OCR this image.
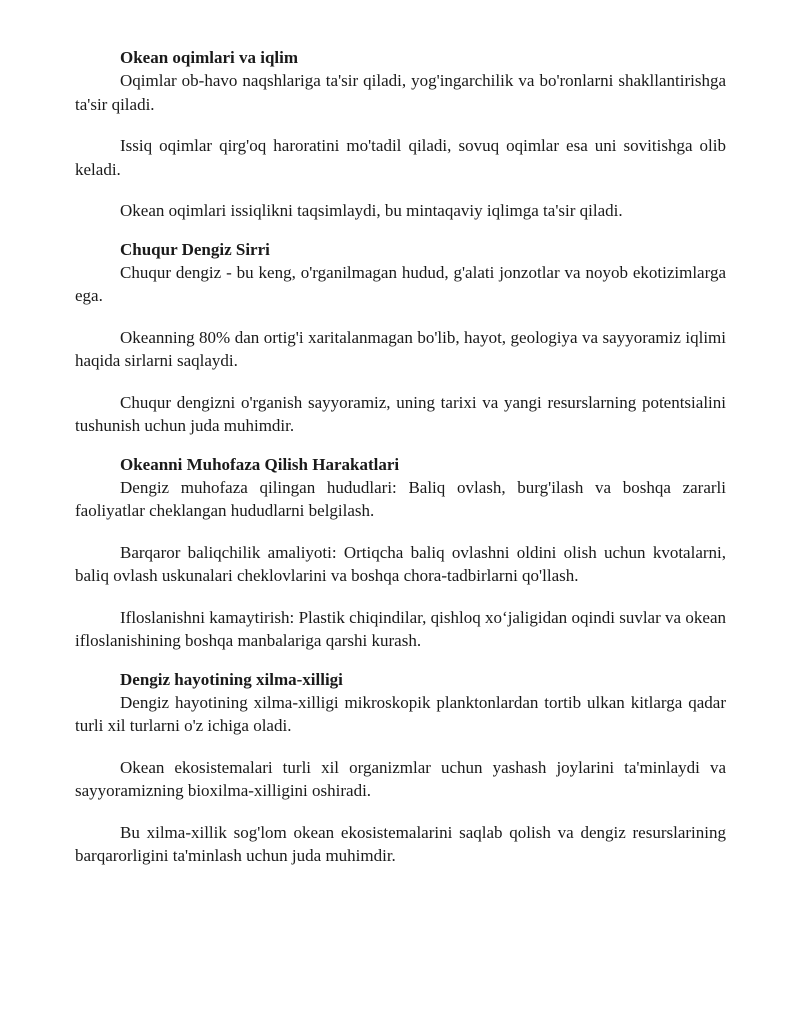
Okean oqimlari va iqlim

Oqimlar ob-havo naqshlariga ta'sir qiladi, yog'ingarchilik va bo'ronlarni shakllantirishga ta'sir qiladi.

Issiq oqimlar qirg'oq haroratini mo'tadil qiladi, sovuq oqimlar esa uni sovitishga olib keladi.

Okean oqimlari issiqlikni taqsimlaydi, bu mintaqaviy iqlimga ta'sir qiladi.

Chuqur Dengiz Sirri

Chuqur dengiz - bu keng, o'rganilmagan hudud, g'alati jonzotlar va noyob ekotizimlarga ega.

Okeanning 80% dan ortig'i xaritalanmagan bo'lib, hayot, geologiya va sayyoramiz iqlimi haqida sirlarni saqlaydi.

Chuqur dengizni o'rganish sayyoramiz, uning tarixi va yangi resurslarning potentsialini tushunish uchun juda muhimdir.

Okeanni Muhofaza Qilish Harakatlari

Dengiz muhofaza qilingan hududlari: Baliq ovlash, burg'ilash va boshqa zararli faoliyatlar cheklangan hududlarni belgilash.

Barqaror baliqchilik amaliyoti: Ortiqcha baliq ovlashni oldini olish uchun kvotalarni, baliq ovlash uskunalari cheklovlarini va boshqa chora-tadbirlarni qo'llash.

Ifloslanishni kamaytirish: Plastik chiqindilar, qishloq xo‘jaligidan oqindi suvlar va okean ifloslanishining boshqa manbalariga qarshi kurash.

Dengiz hayotining xilma-xilligi

Dengiz hayotining xilma-xilligi mikroskopik planktonlardan tortib ulkan kitlarga qadar turli xil turlarni o'z ichiga oladi.

Okean ekosistemalari turli xil organizmlar uchun yashash joylarini ta'minlaydi va sayyoramizning bioxilma-xilligini oshiradi.

Bu xilma-xillik sog'lom okean ekosistemalarini saqlab qolish va dengiz resurslarining barqarorligini ta'minlash uchun juda muhimdir.
